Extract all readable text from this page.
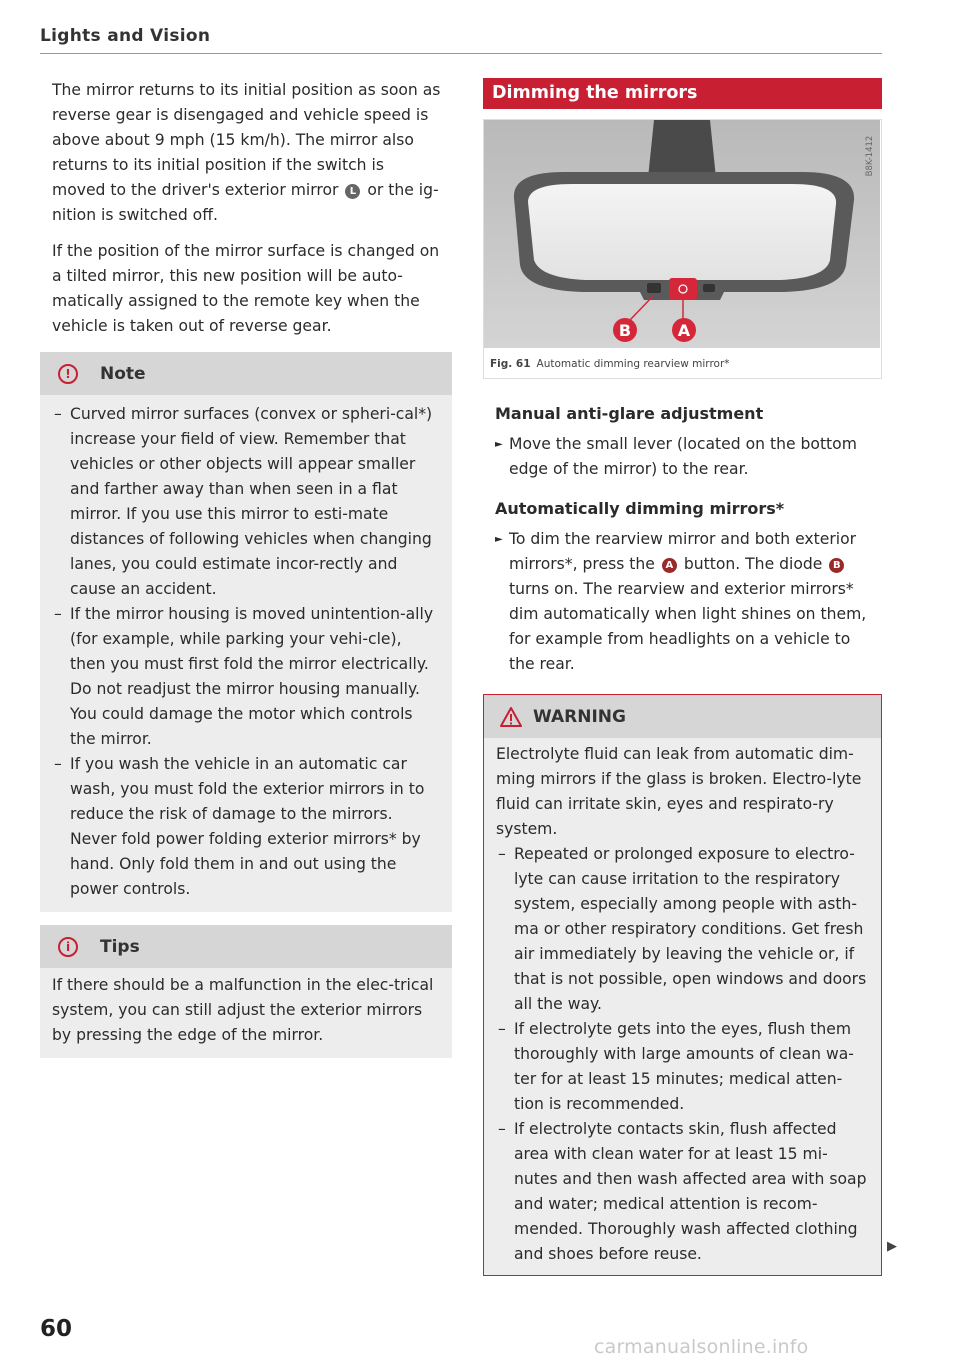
Lights and Vision

The mirror returns to its initial position as soon as reverse gear is disengaged and vehicle speed is above about 9 mph (15 km/h). The mirror also returns to its initial position if the switch is moved to the driver's exterior mirror L or the ig-nition is switched off.

If the position of the mirror surface is changed on a tilted mirror, this new position will be auto-matically assigned to the remote key when the vehicle is taken out of reverse gear.

!	Note
– Curved mirror surfaces (convex or spheri-cal*) increase your field of view. Remember that vehicles or other objects will appear smaller and farther away than when seen in a flat mirror. If you use this mirror to esti-mate distances of following vehicles when changing lanes, you could estimate incor-rectly and cause an accident.
– If the mirror housing is moved unintention-ally (for example, while parking your vehi-cle), then you must first fold the mirror electrically. Do not readjust the mirror housing manually. You could damage the motor which controls the mirror.
– If you wash the vehicle in an automatic car wash, you must fold the exterior mirrors in to reduce the risk of damage to the mirrors. Never fold power folding exterior mirrors* by hand. Only fold them in and out using the power controls.
i	Tips

If there should be a malfunction in the elec-trical system, you can still adjust the exterior mirrors by pressing the edge of the mirror.

Dimming the mirrors
B	A
B8K-1412
Fig. 61 Automatic dimming rearview mirror*
Manual anti-glare adjustment
► Move the small lever (located on the bottom edge of the mirror) to the rear.
Automatically dimming mirrors*
► To dim the rearview mirror and both exterior mirrors*, press the A button. The diode B turns on. The rearview and exterior mirrors* dim automatically when light shines on them, for example from headlights on a vehicle to the rear.
WARNING

Electrolyte fluid can leak from automatic dim-ming mirrors if the glass is broken. Electro-lyte fluid can irritate skin, eyes and respirato-ry system.

– Repeated or prolonged exposure to electro-lyte can cause irritation to the respiratory system, especially among people with asth-ma or other respiratory conditions. Get fresh air immediately by leaving the vehicle or, if that is not possible, open windows and doors all the way.
– If electrolyte gets into the eyes, flush them thoroughly with large amounts of clean wa-ter for at least 15 minutes; medical atten-tion is recommended.
– If electrolyte contacts skin, flush affected area with clean water for at least 15 mi-nutes and then wash affected area with soap and water; medical attention is recom-mended. Thoroughly wash affected clothing and shoes before reuse.	▶
60
carmanualsonline.info
